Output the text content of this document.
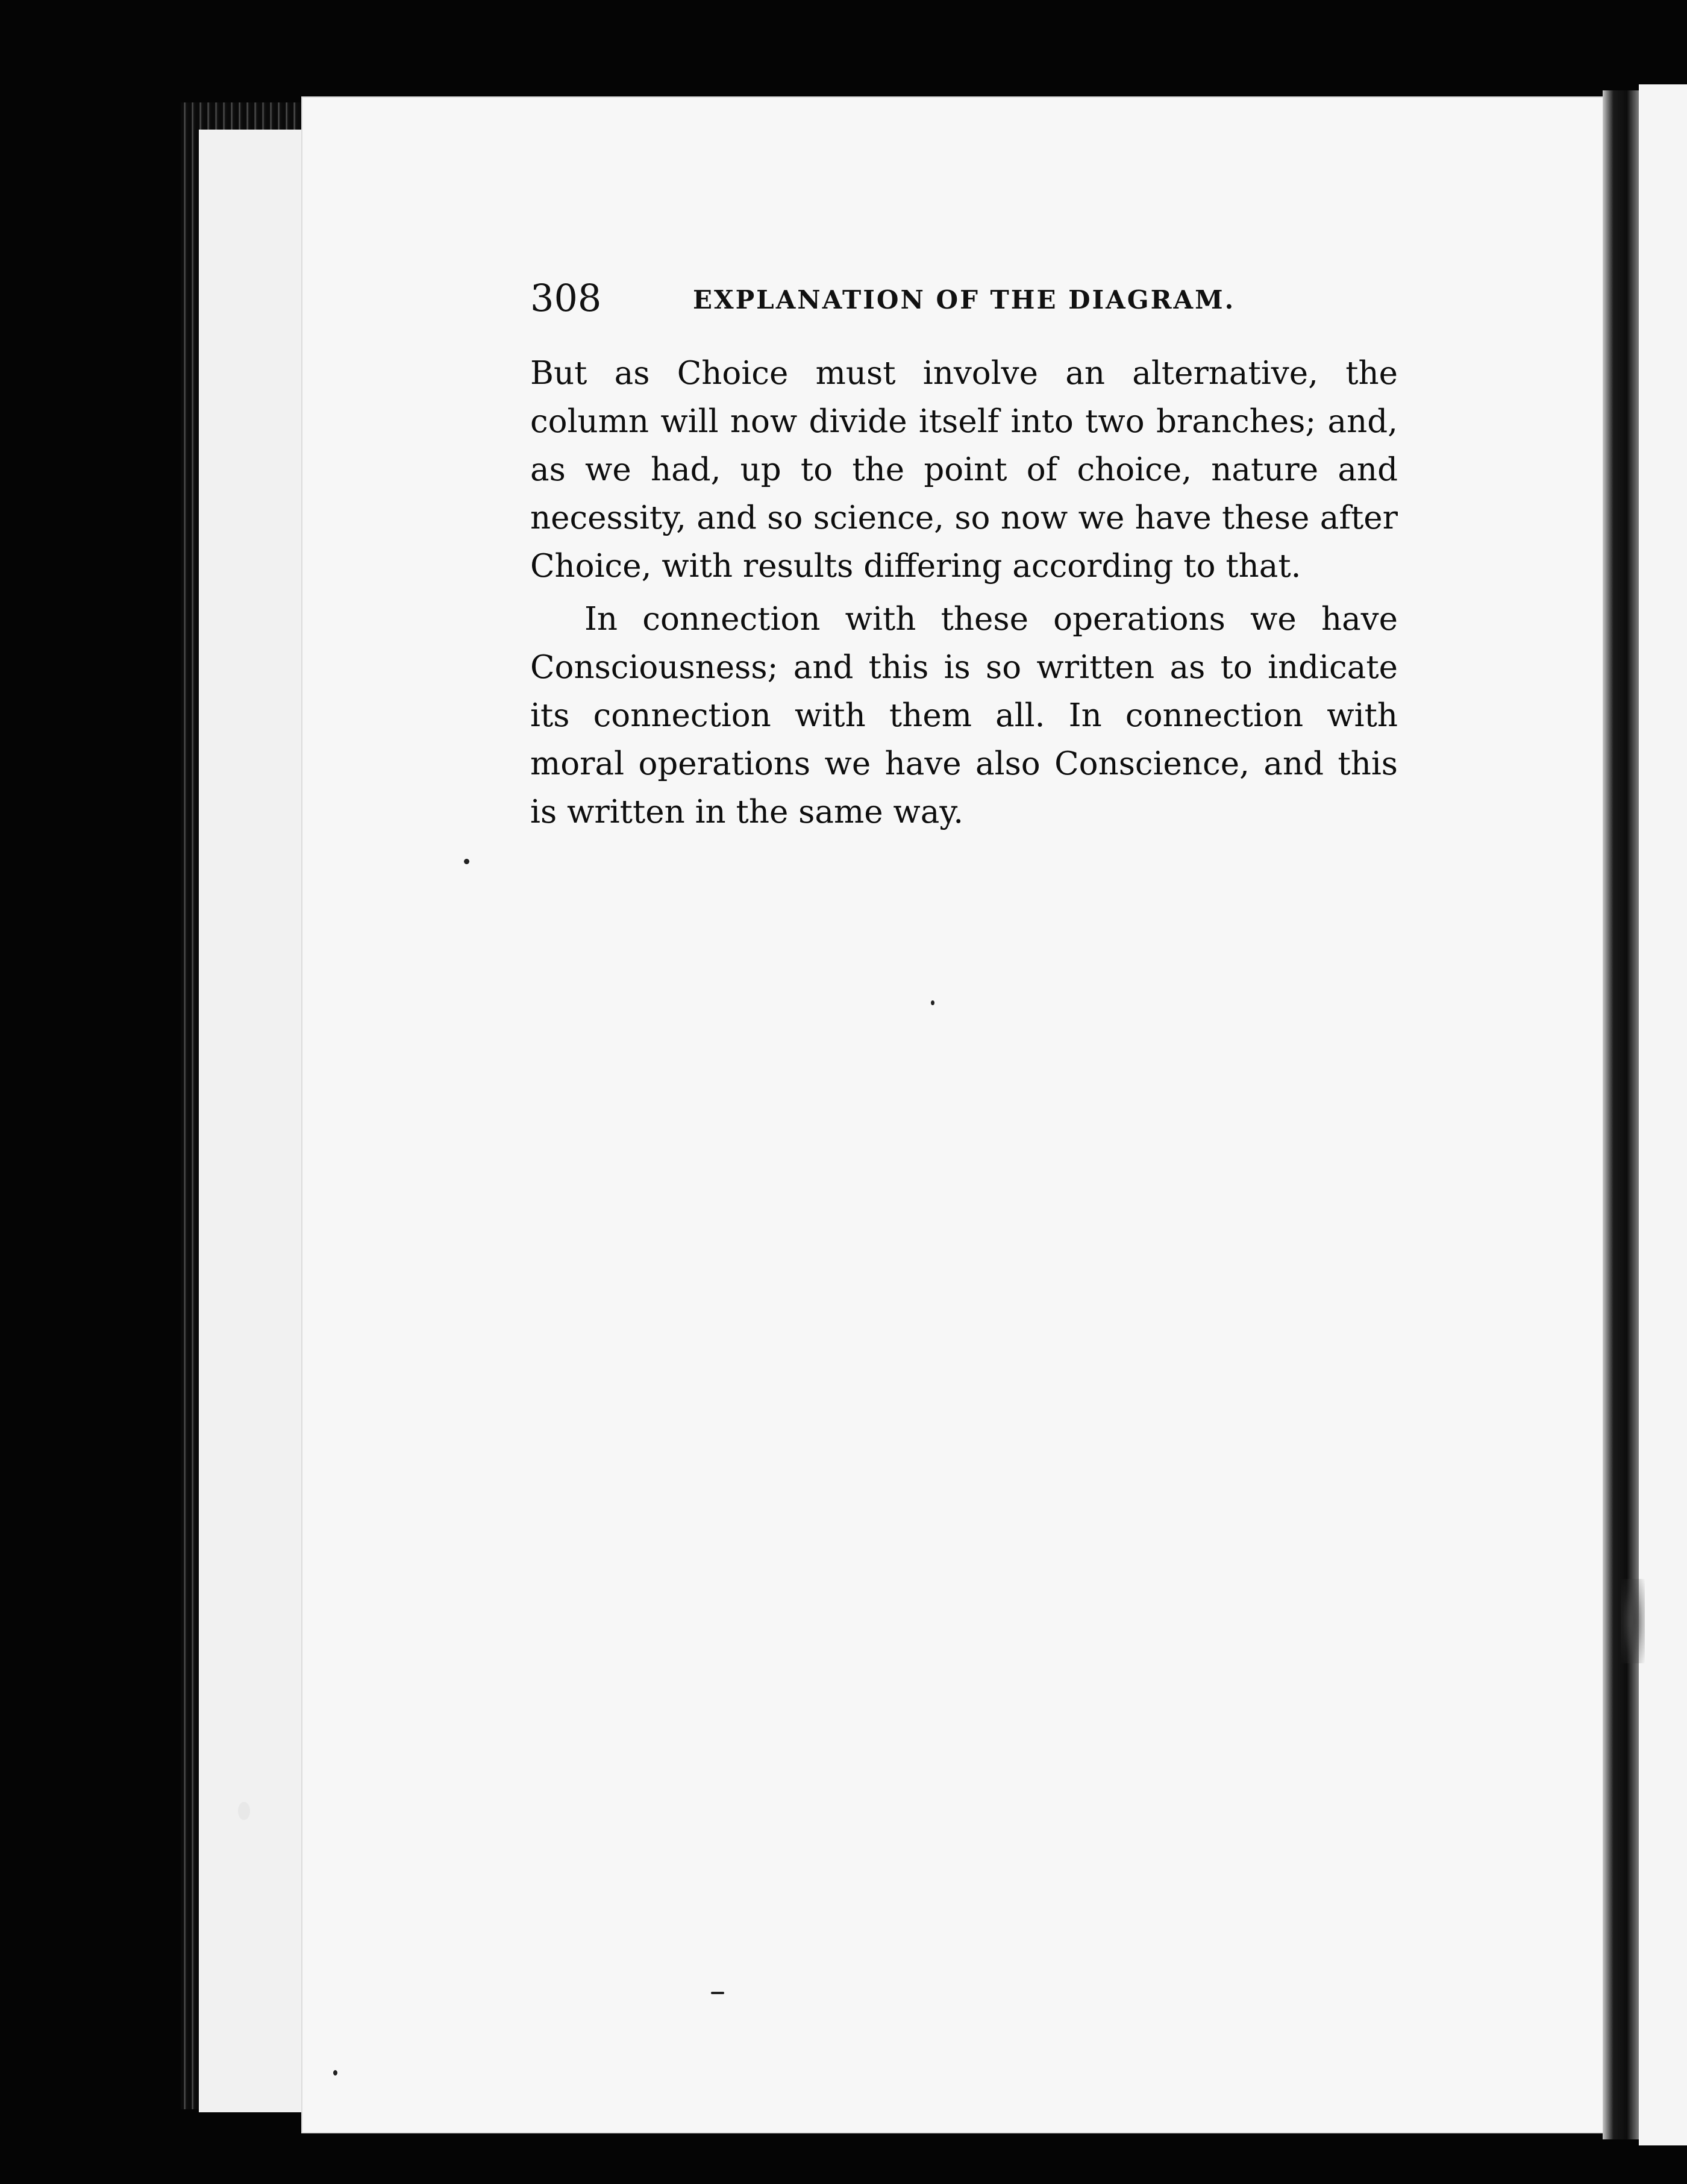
308	EXPLANATION OF THE DIAGRAM.

But as Choice must involve an alternative, the column will now divide itself into two branches; and, as we had, up to the point of choice, nature and necessity, and so science, so now we have these after Choice, with results differing according to that.

In connection with these operations we have Consciousness; and this is so written as to indicate its connection with them all. In connection with moral operations we have also Conscience, and this is written in the same way.
